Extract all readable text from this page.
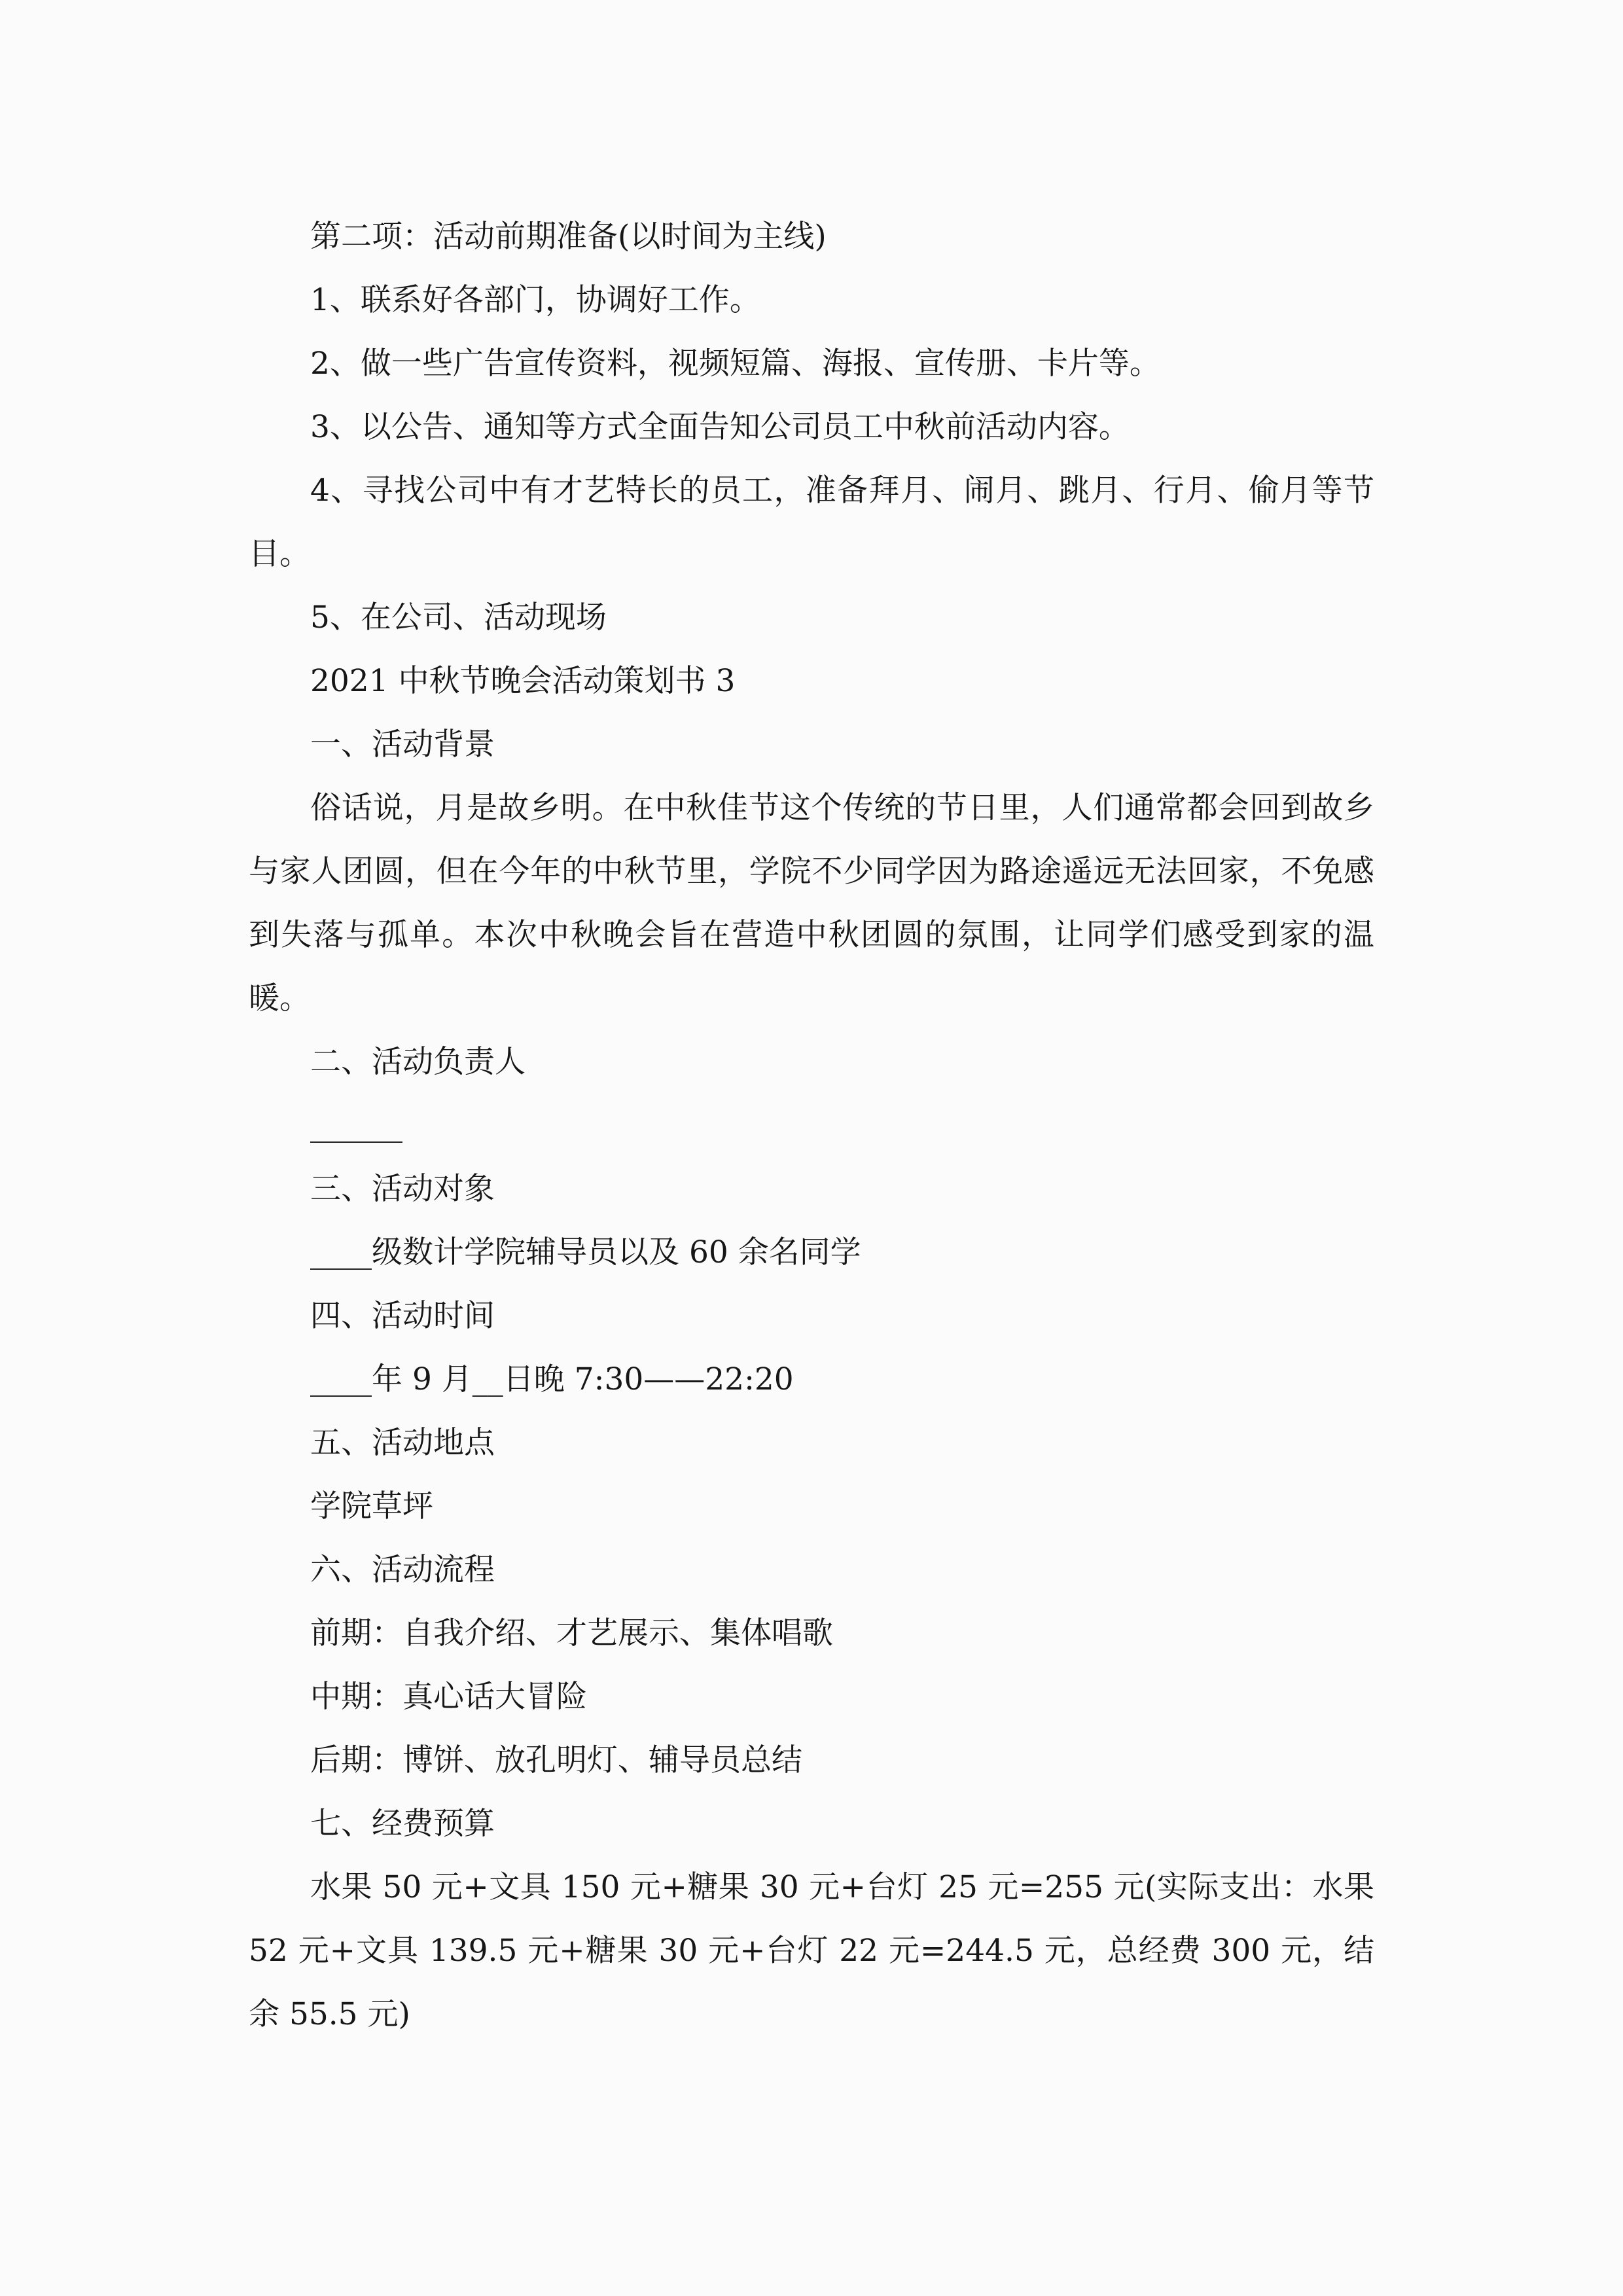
第二项：活动前期准备(以时间为主线)

1、联系好各部门，协调好工作。

2、做一些广告宣传资料，视频短篇、海报、宣传册、卡片等。

3、以公告、通知等方式全面告知公司员工中秋前活动内容。

4、寻找公司中有才艺特长的员工，准备拜月、闹月、跳月、行月、偷月等节目。

5、在公司、活动现场

2021 中秋节晚会活动策划书 3

一、活动背景

俗话说，月是故乡明。在中秋佳节这个传统的节日里，人们通常都会回到故乡与家人团圆，但在今年的中秋节里，学院不少同学因为路途遥远无法回家，不免感到失落与孤单。本次中秋晚会旨在营造中秋团圆的氛围，让同学们感受到家的温暖。

二、活动负责人

______

三、活动对象

____级数计学院辅导员以及 60 余名同学

四、活动时间

____年 9 月__日晚 7:30——22:20

五、活动地点

学院草坪

六、活动流程

前期：自我介绍、才艺展示、集体唱歌

中期：真心话大冒险

后期：博饼、放孔明灯、辅导员总结

七、经费预算

水果 50 元+文具 150 元+糖果 30 元+台灯 25 元=255 元(实际支出：水果 52 元+文具 139.5 元+糖果 30 元+台灯 22 元=244.5 元，总经费 300 元，结余 55.5 元)
